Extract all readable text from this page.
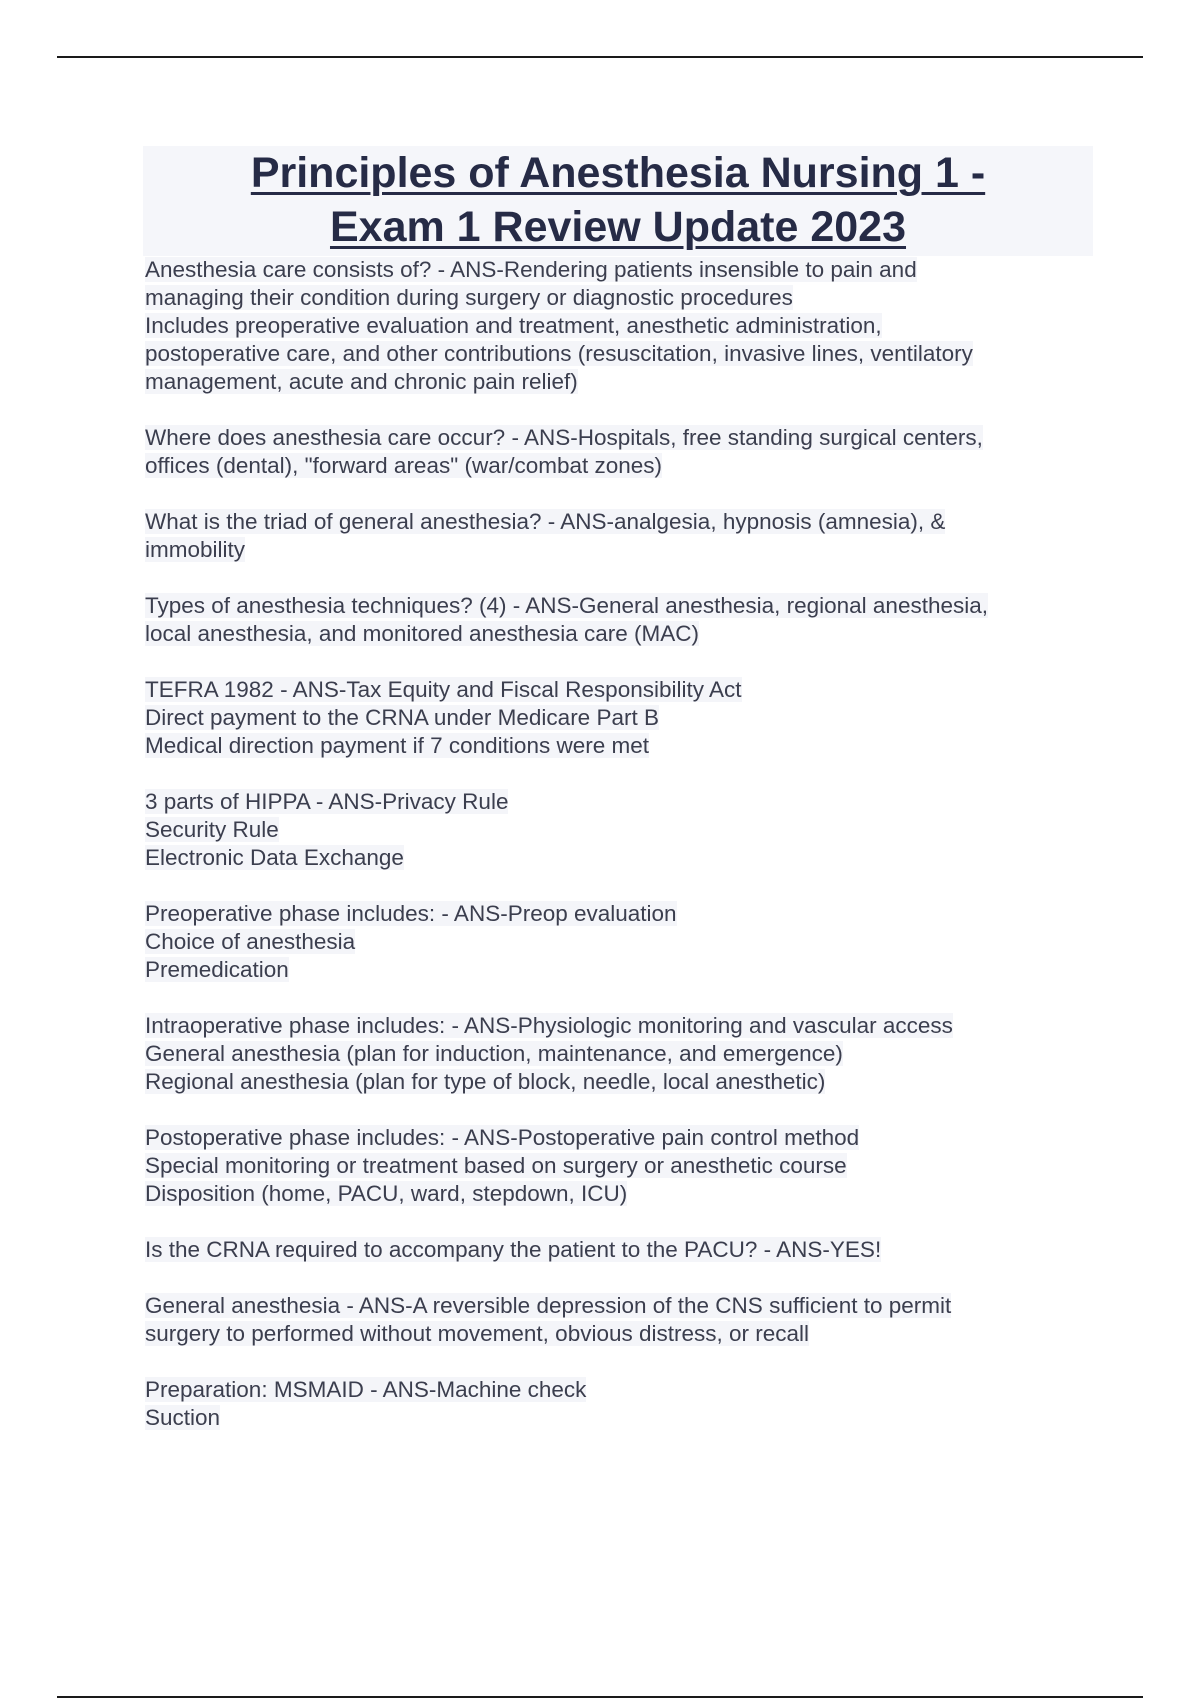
Principles of Anesthesia Nursing 1 -
Exam 1 Review Update 2023
Anesthesia care consists of? - ANS-Rendering patients insensible to pain and
managing their condition during surgery or diagnostic procedures
Includes preoperative evaluation and treatment, anesthetic administration,
postoperative care, and other contributions (resuscitation, invasive lines, ventilatory
management, acute and chronic pain relief)
Where does anesthesia care occur? - ANS-Hospitals, free standing surgical centers,
offices (dental), "forward areas" (war/combat zones)
What is the triad of general anesthesia? - ANS-analgesia, hypnosis (amnesia), &
immobility
Types of anesthesia techniques? (4) - ANS-General anesthesia, regional anesthesia,
local anesthesia, and monitored anesthesia care (MAC)
TEFRA 1982 - ANS-Tax Equity and Fiscal Responsibility Act
Direct payment to the CRNA under Medicare Part B
Medical direction payment if 7 conditions were met
3 parts of HIPPA - ANS-Privacy Rule
Security Rule
Electronic Data Exchange
Preoperative phase includes: - ANS-Preop evaluation
Choice of anesthesia
Premedication
Intraoperative phase includes: - ANS-Physiologic monitoring and vascular access
General anesthesia (plan for induction, maintenance, and emergence)
Regional anesthesia (plan for type of block, needle, local anesthetic)
Postoperative phase includes: - ANS-Postoperative pain control method
Special monitoring or treatment based on surgery or anesthetic course
Disposition (home, PACU, ward, stepdown, ICU)
Is the CRNA required to accompany the patient to the PACU? - ANS-YES!
General anesthesia - ANS-A reversible depression of the CNS sufficient to permit
surgery to performed without movement, obvious distress, or recall
Preparation: MSMAID - ANS-Machine check
Suction
